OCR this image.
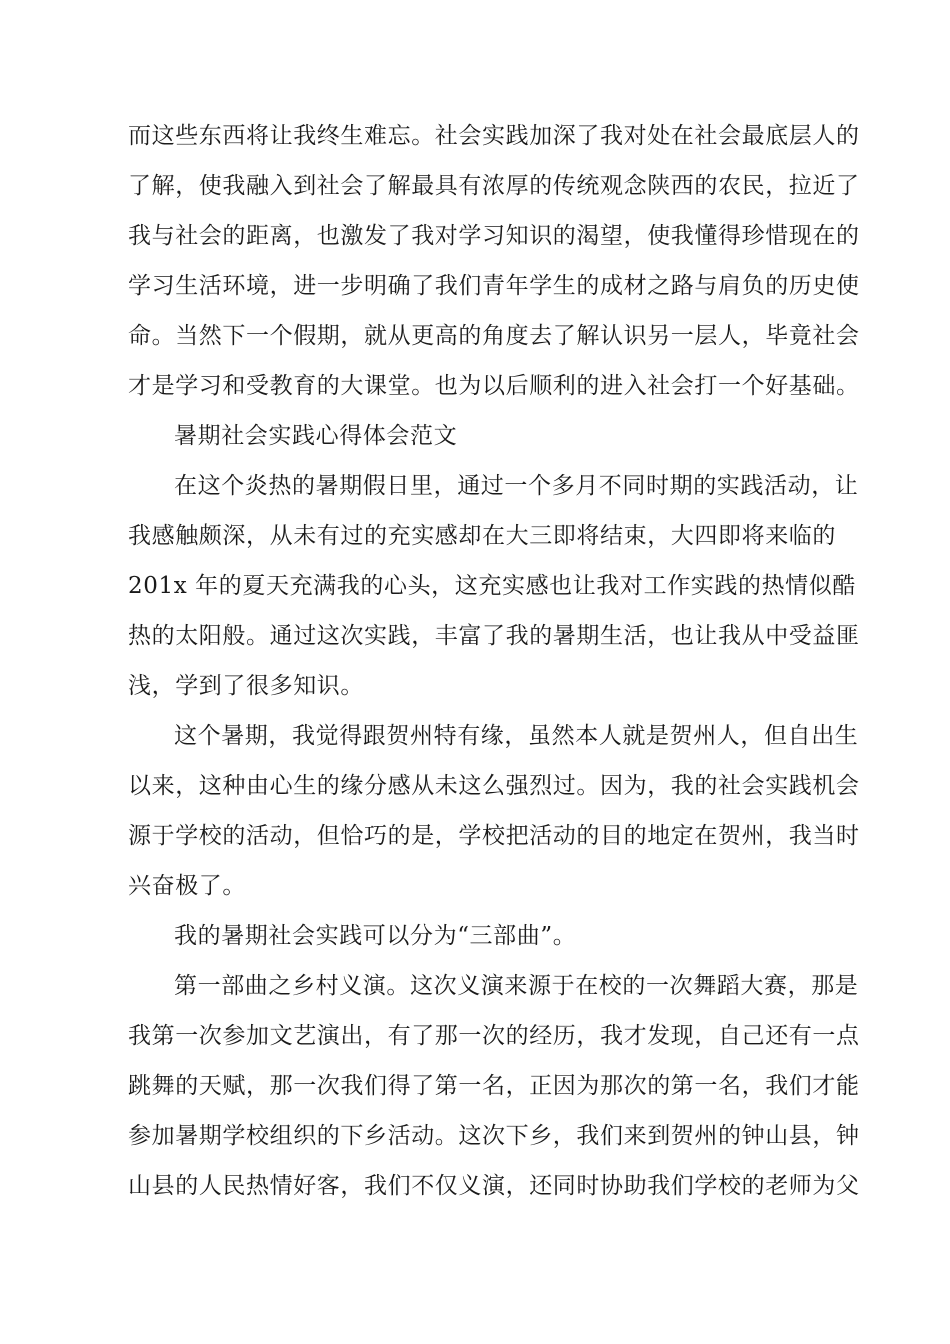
而这些东西将让我终生难忘。社会实践加深了我对处在社会最底层人的
了解，使我融入到社会了解最具有浓厚的传统观念陕西的农民，拉近了
我与社会的距离，也激发了我对学习知识的渴望，使我懂得珍惜现在的
学习生活环境，进一步明确了我们青年学生的成材之路与肩负的历史使
命。当然下一个假期，就从更高的角度去了解认识另一层人，毕竟社会
才是学习和受教育的大课堂。也为以后顺利的进入社会打一个好基础。
暑期社会实践心得体会范文
在这个炎热的暑期假日里，通过一个多月不同时期的实践活动，让
我感触颇深，从未有过的充实感却在大三即将结束，大四即将来临的
201x 年的夏天充满我的心头，这充实感也让我对工作实践的热情似酷
热的太阳般。通过这次实践，丰富了我的暑期生活，也让我从中受益匪
浅，学到了很多知识。
这个暑期，我觉得跟贺州特有缘，虽然本人就是贺州人，但自出生
以来，这种由心生的缘分感从未这么强烈过。因为，我的社会实践机会
源于学校的活动，但恰巧的是，学校把活动的目的地定在贺州，我当时
兴奋极了。
我的暑期社会实践可以分为“三部曲”。
第一部曲之乡村义演。这次义演来源于在校的一次舞蹈大赛，那是
我第一次参加文艺演出，有了那一次的经历，我才发现，自己还有一点
跳舞的天赋，那一次我们得了第一名，正因为那次的第一名，我们才能
参加暑期学校组织的下乡活动。这次下乡，我们来到贺州的钟山县，钟
山县的人民热情好客，我们不仅义演，还同时协助我们学校的老师为父
